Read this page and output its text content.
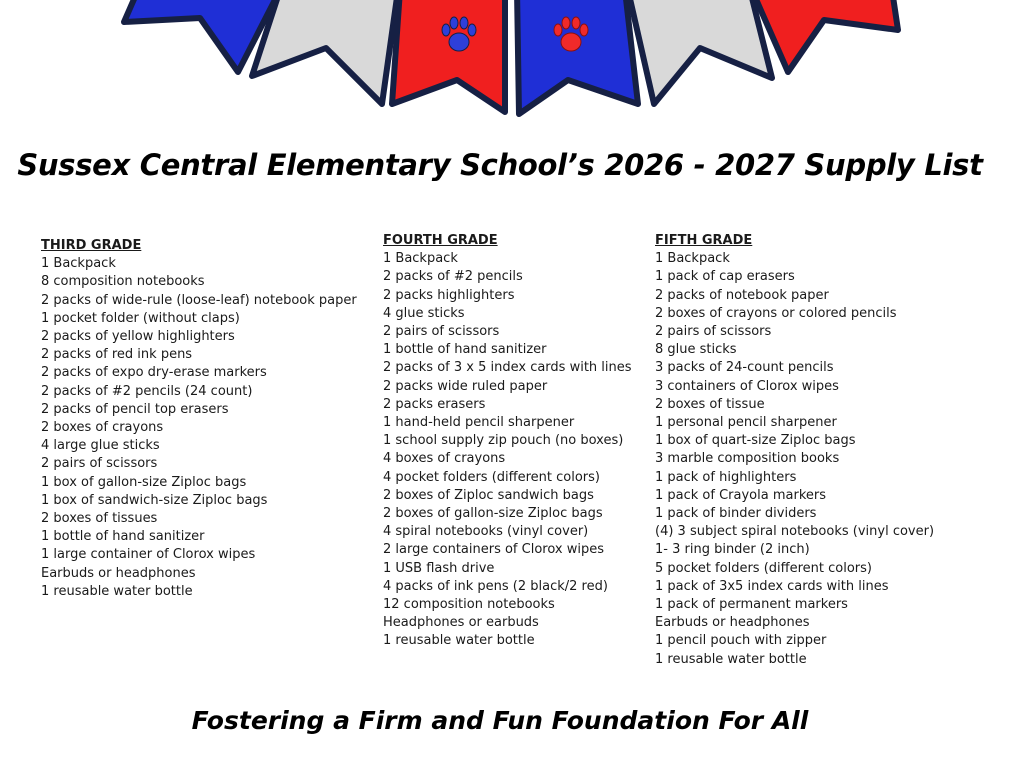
Sussex Central Elementary School’s 2026 - 2027 Supply List
THIRD GRADE
1 Backpack
8 composition notebooks
2 packs of wide-rule (loose-leaf) notebook paper
1 pocket folder (without claps)
2 packs of yellow highlighters
2 packs of red ink pens
2 packs of expo dry-erase markers
2 packs of #2 pencils (24 count)
2 packs of pencil top erasers
2 boxes of crayons
4 large glue sticks
2 pairs of scissors
1 box of gallon-size Ziploc bags
1 box of sandwich-size Ziploc bags
2 boxes of tissues
1 bottle of hand sanitizer
1 large container of Clorox wipes
Earbuds or headphones
1 reusable water bottle
FOURTH GRADE
1 Backpack
2 packs of #2 pencils
2 packs highlighters
4 glue sticks
2 pairs of scissors
1 bottle of hand sanitizer
2 packs of 3 x 5 index cards with lines
2 packs wide ruled paper
2 packs erasers
1 hand-held pencil sharpener
1 school supply zip pouch (no boxes)
4 boxes of crayons
4 pocket folders (different colors)
2 boxes of Ziploc sandwich bags
2 boxes of gallon-size Ziploc bags
4 spiral notebooks (vinyl cover)
2 large containers of Clorox wipes
1 USB flash drive
4 packs of ink pens (2 black/2 red)
12 composition notebooks
Headphones or earbuds
1 reusable water bottle
FIFTH GRADE
1 Backpack
1 pack of cap erasers
2 packs of notebook paper
2 boxes of crayons or colored pencils
2 pairs of scissors
8 glue sticks
3 packs of 24-count pencils
3 containers of Clorox wipes
2 boxes of tissue
1 personal pencil sharpener
1 box of quart-size Ziploc bags
3 marble composition books
1 pack of highlighters
1 pack of Crayola markers
1 pack of binder dividers
(4) 3 subject spiral notebooks (vinyl cover)
1- 3 ring binder (2 inch)
5 pocket folders (different colors)
1 pack of 3x5 index cards with lines
1 pack of permanent markers
Earbuds or headphones
1 pencil pouch with zipper
1 reusable water bottle
Fostering a Firm and Fun Foundation For All
